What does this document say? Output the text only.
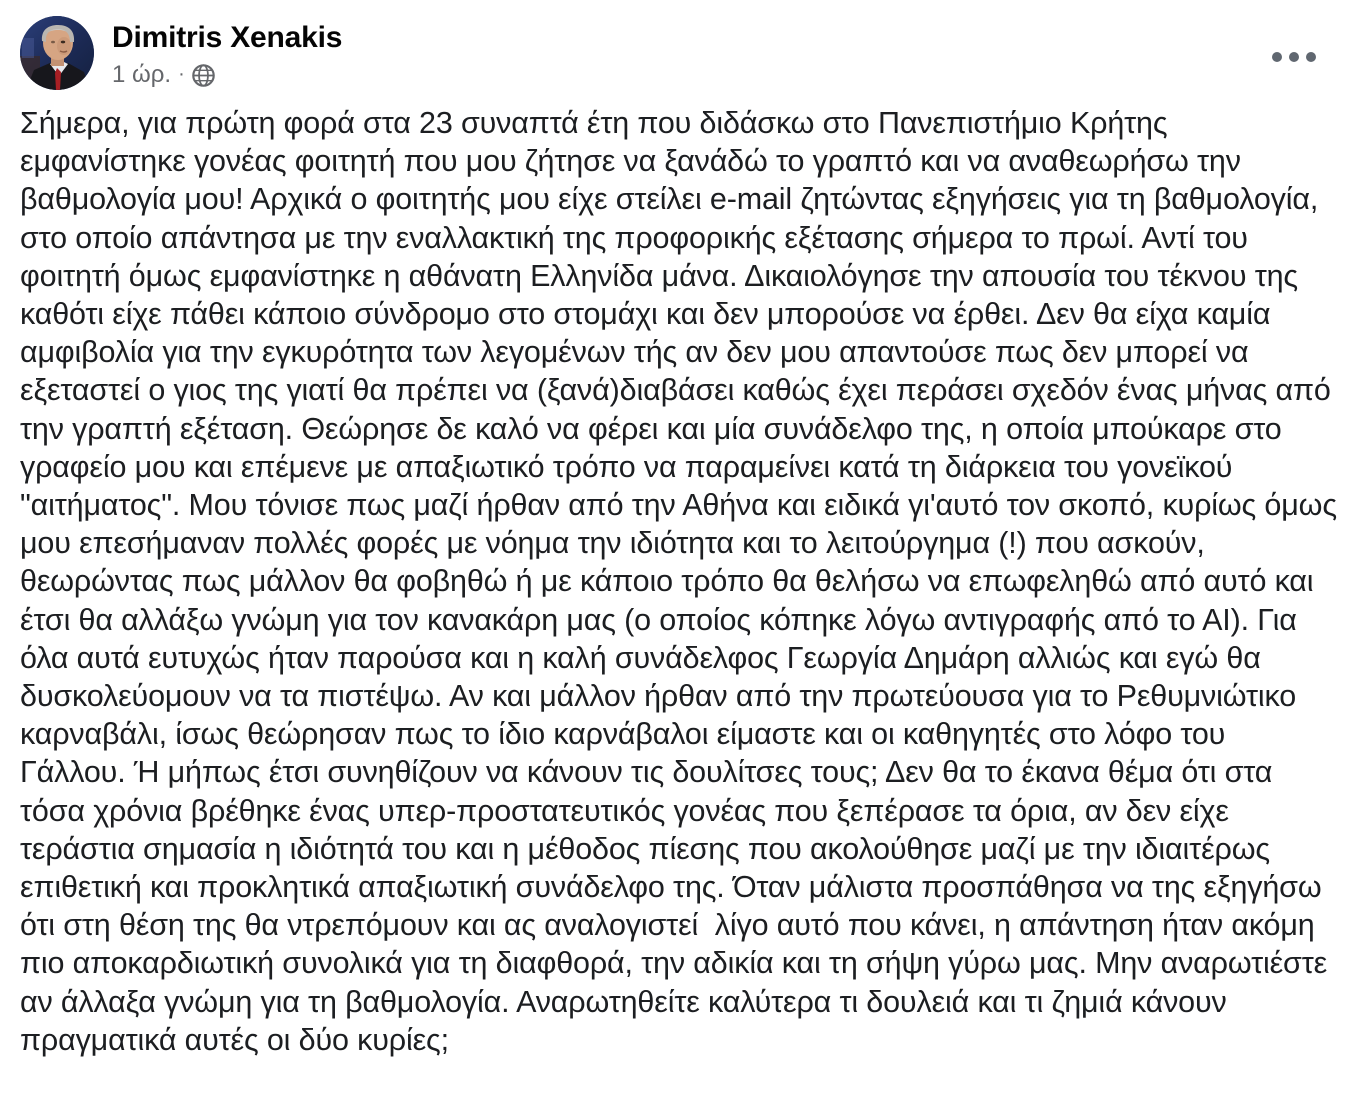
Dimitris Xenakis
1 ώρ. ·
Σήμερα, για πρώτη φορά στα 23 συναπτά έτη που διδάσκω στο Πανεπιστήμιο Κρήτης εμφανίστηκε γονέας φοιτητή που μου ζήτησε να ξανάδώ το γραπτό και να αναθεωρήσω την βαθμολογία μου! Αρχικά ο φοιτητής μου είχε στείλει e-mail ζητώντας εξηγήσεις για τη βαθμολογία, στο οποίο απάντησα με την εναλλακτική της προφορικής εξέτασης σήμερα το πρωί. Αντί του φοιτητή όμως εμφανίστηκε η αθάνατη Ελληνίδα μάνα. Δικαιολόγησε την απουσία του τέκνου της καθότι είχε πάθει κάποιο σύνδρομο στο στομάχι και δεν μπορούσε να έρθει. Δεν θα είχα καμία αμφιβολία για την εγκυρότητα των λεγομένων τής αν δεν μου απαντούσε πως δεν μπορεί να εξεταστεί ο γιος της γιατί θα πρέπει να (ξανά)διαβάσει καθώς έχει περάσει σχεδόν ένας μήνας από την γραπτή εξέταση. Θεώρησε δε καλό να φέρει και μία συνάδελφο της, η οποία μπούκαρε στο γραφείο μου και επέμενε με απαξιωτικό τρόπο να παραμείνει κατά τη διάρκεια του γονεϊκού "αιτήματος". Μου τόνισε πως μαζί ήρθαν από την Αθήνα και ειδικά γι'αυτό τον σκοπό, κυρίως όμως μου επεσήμαναν πολλές φορές με νόημα την ιδιότητα και το λειτούργημα (!) που ασκούν, θεωρώντας πως μάλλον θα φοβηθώ ή με κάποιο τρόπο θα θελήσω να επωφεληθώ από αυτό και έτσι θα αλλάξω γνώμη για τον κανακάρη μας (ο οποίος κόπηκε λόγω αντιγραφής από το ΑΙ). Για όλα αυτά ευτυχώς ήταν παρούσα και η καλή συνάδελφος Γεωργία Δημάρη αλλιώς και εγώ θα δυσκολεύομουν να τα πιστέψω. Αν και μάλλον ήρθαν από την πρωτεύουσα για το Ρεθυμνιώτικο καρναβάλι, ίσως θεώρησαν πως το ίδιο καρνάβαλοι είμαστε και οι καθηγητές στο λόφο του Γάλλου. Ή μήπως έτσι συνηθίζουν να κάνουν τις δουλίτσες τους; Δεν θα το έκανα θέμα ότι στα τόσα χρόνια βρέθηκε ένας υπερ-προστατευτικός γονέας που ξεπέρασε τα όρια, αν δεν είχε τεράστια σημασία η ιδιότητά του και η μέθοδος πίεσης που ακολούθησε μαζί με την ιδιαιτέρως επιθετική και προκλητικά απαξιωτική συνάδελφο της. Όταν μάλιστα προσπάθησα να της εξηγήσω ότι στη θέση της θα ντρεπόμουν και ας αναλογιστεί  λίγο αυτό που κάνει, η απάντηση ήταν ακόμη πιο αποκαρδιωτική συνολικά για τη διαφθορά, την αδικία και τη σήψη γύρω μας. Μην αναρωτιέστε αν άλλαξα γνώμη για τη βαθμολογία. Αναρωτηθείτε καλύτερα τι δουλειά και τι ζημιά κάνουν πραγματικά αυτές οι δύο κυρίες;
